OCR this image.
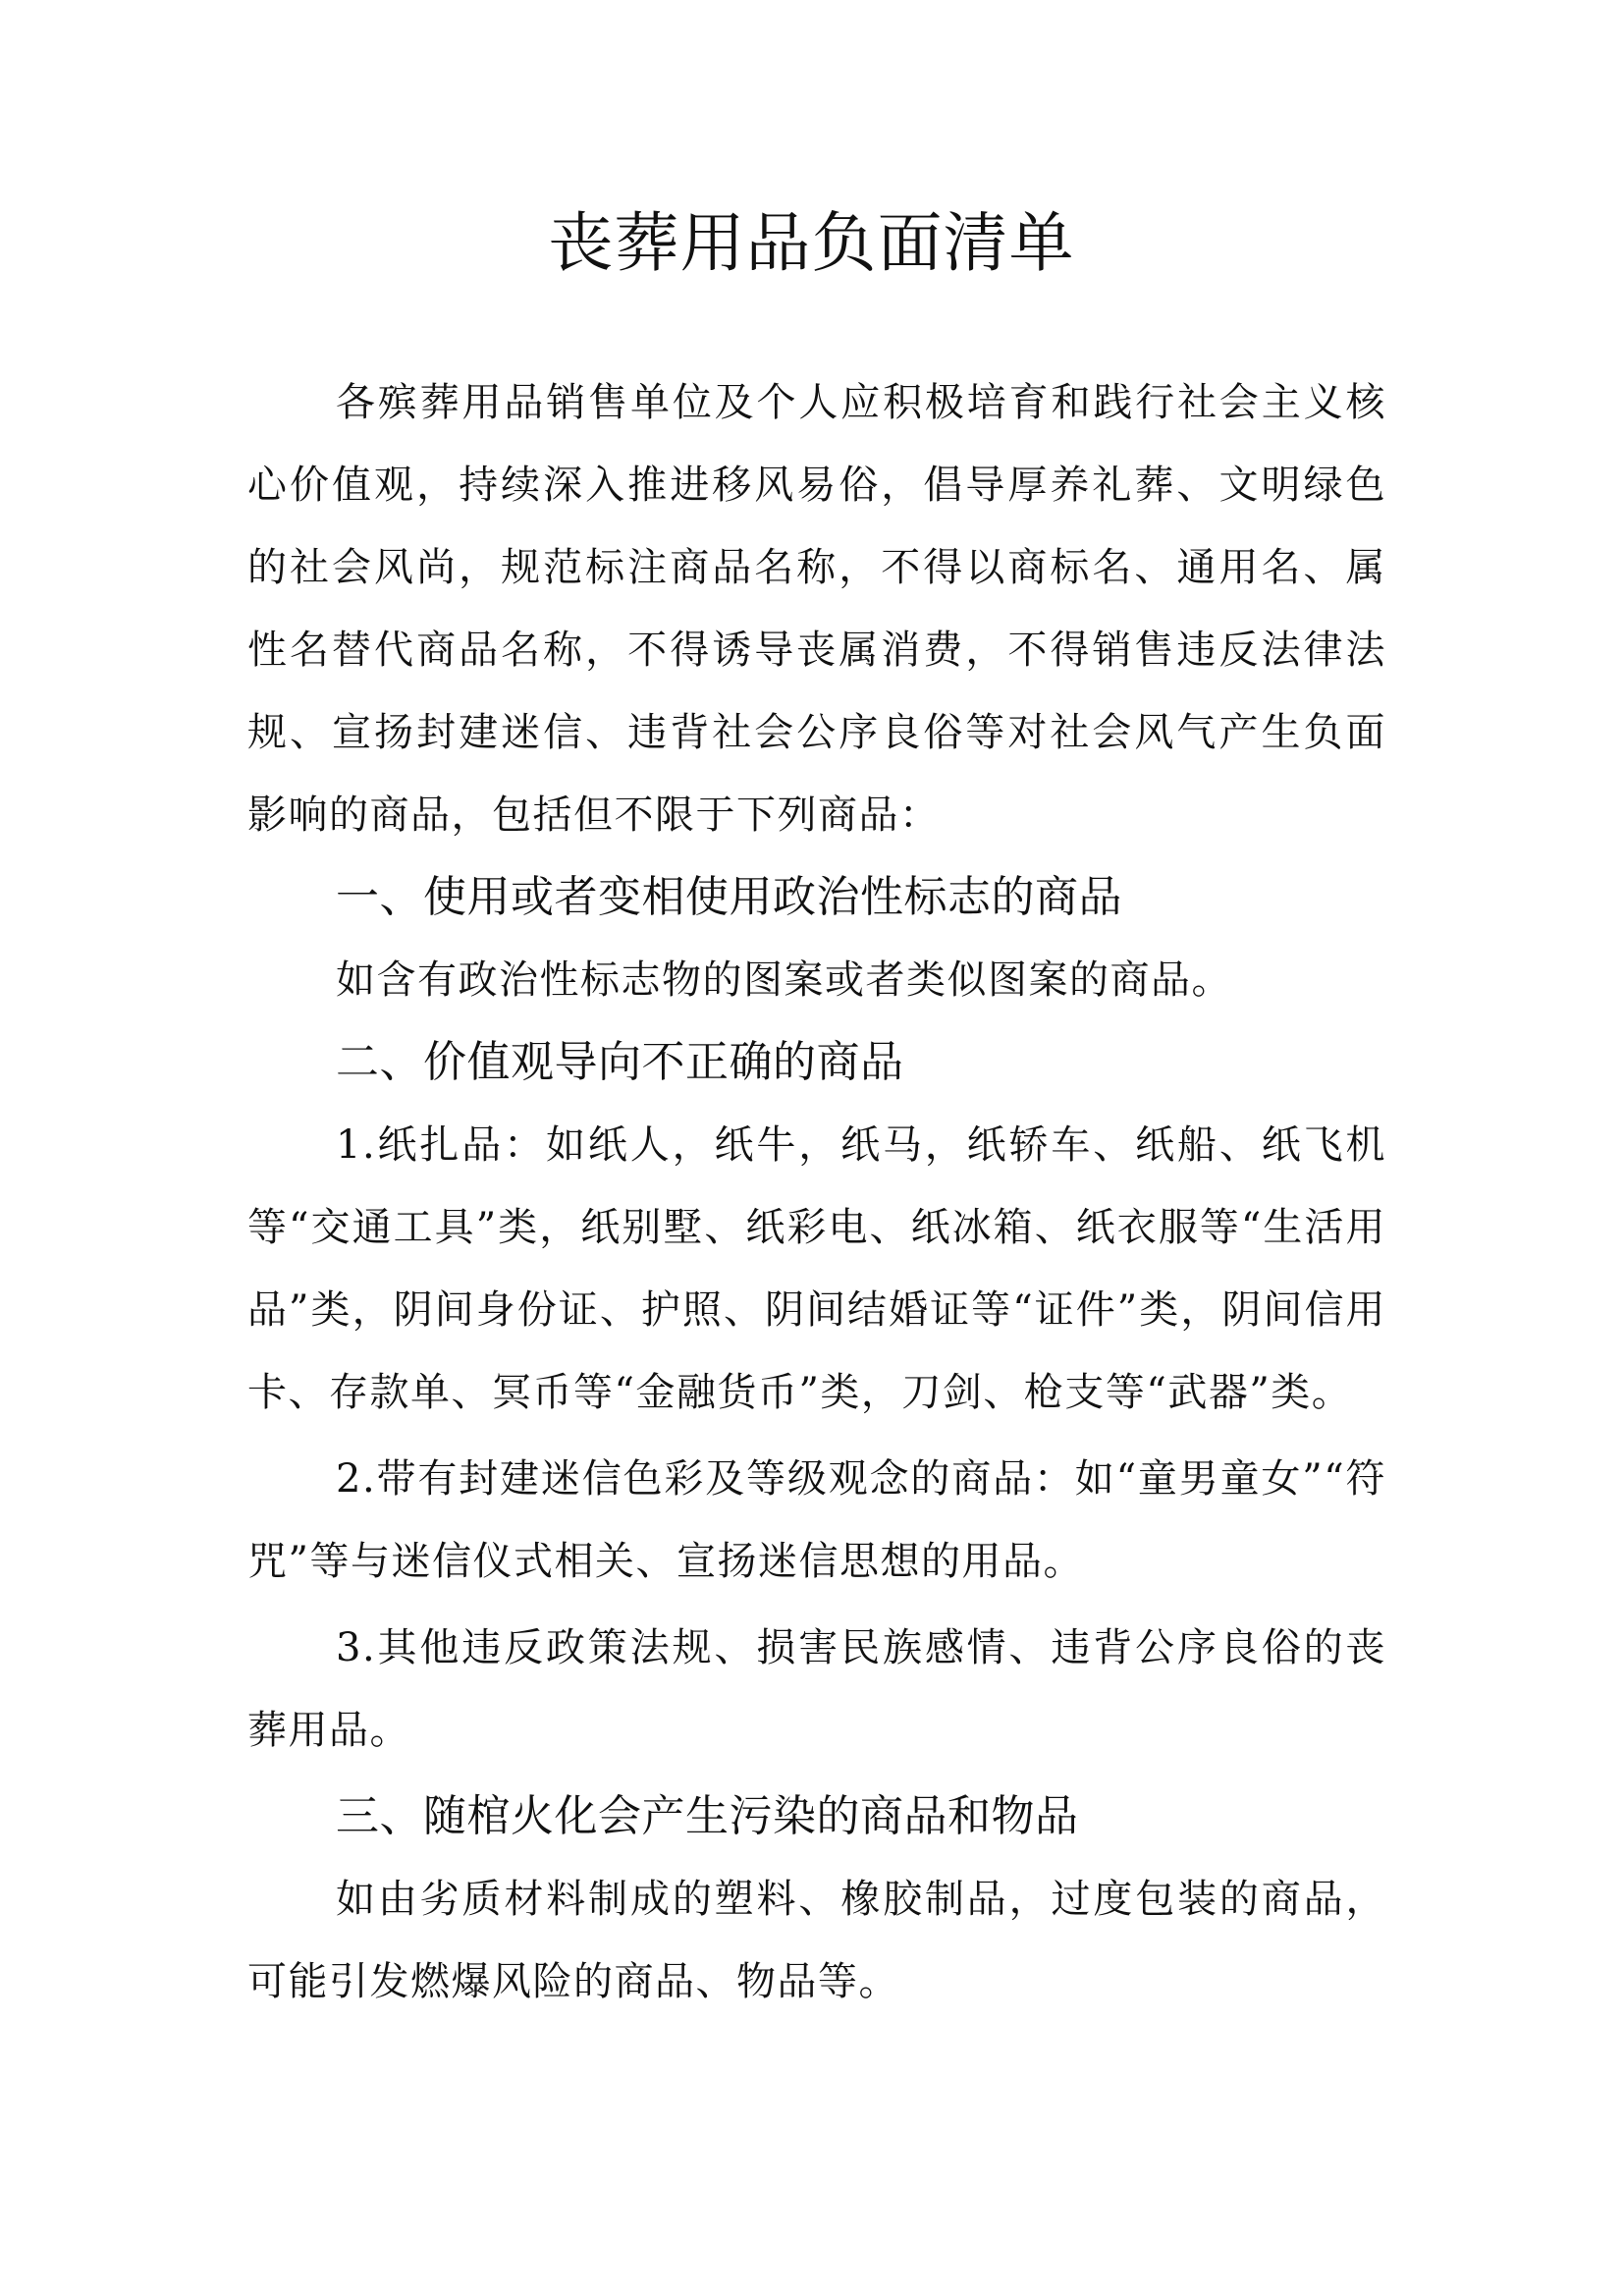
丧葬用品负面清单

各殡葬用品销售单位及个人应积极培育和践行社会主义核心价值观，持续深入推进移风易俗，倡导厚养礼葬、文明绿色的社会风尚，规范标注商品名称，不得以商标名、通用名、属性名替代商品名称，不得诱导丧属消费，不得销售违反法律法规、宣扬封建迷信、违背社会公序良俗等对社会风气产生负面影响的商品，包括但不限于下列商品：

一、使用或者变相使用政治性标志的商品

如含有政治性标志物的图案或者类似图案的商品。

二、价值观导向不正确的商品

1.纸扎品：如纸人，纸牛，纸马，纸轿车、纸船、纸飞机等“交通工具”类，纸别墅、纸彩电、纸冰箱、纸衣服等“生活用品”类，阴间身份证、护照、阴间结婚证等“证件”类，阴间信用卡、存款单、冥币等“金融货币”类，刀剑、枪支等“武器”类。

2.带有封建迷信色彩及等级观念的商品：如“童男童女”“符咒”等与迷信仪式相关、宣扬迷信思想的用品。

3.其他违反政策法规、损害民族感情、违背公序良俗的丧葬用品。

三、随棺火化会产生污染的商品和物品

如由劣质材料制成的塑料、橡胶制品，过度包装的商品，可能引发燃爆风险的商品、物品等。
